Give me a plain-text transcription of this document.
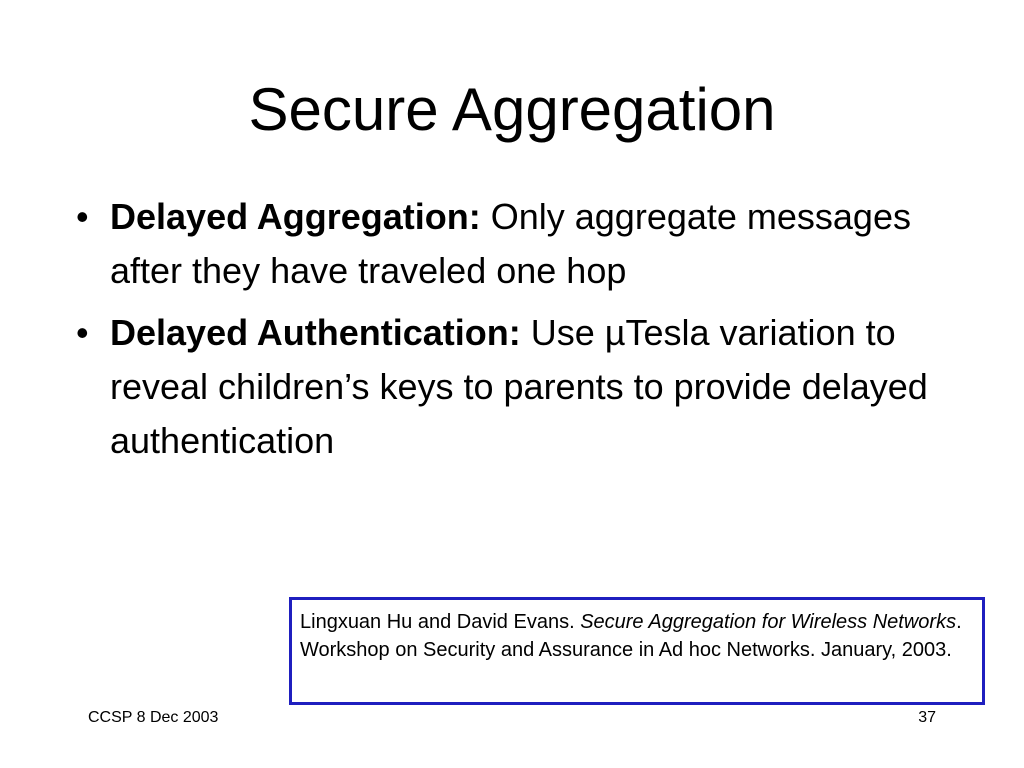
Secure Aggregation
• Delayed Aggregation: Only aggregate messages after they have traveled one hop
• Delayed Authentication: Use µTesla variation to reveal children’s keys to parents to provide delayed authentication
Lingxuan Hu and David Evans. Secure Aggregation for Wireless Networks. Workshop on Security and Assurance in Ad hoc Networks. January, 2003.
CCSP 8 Dec 2003	37
